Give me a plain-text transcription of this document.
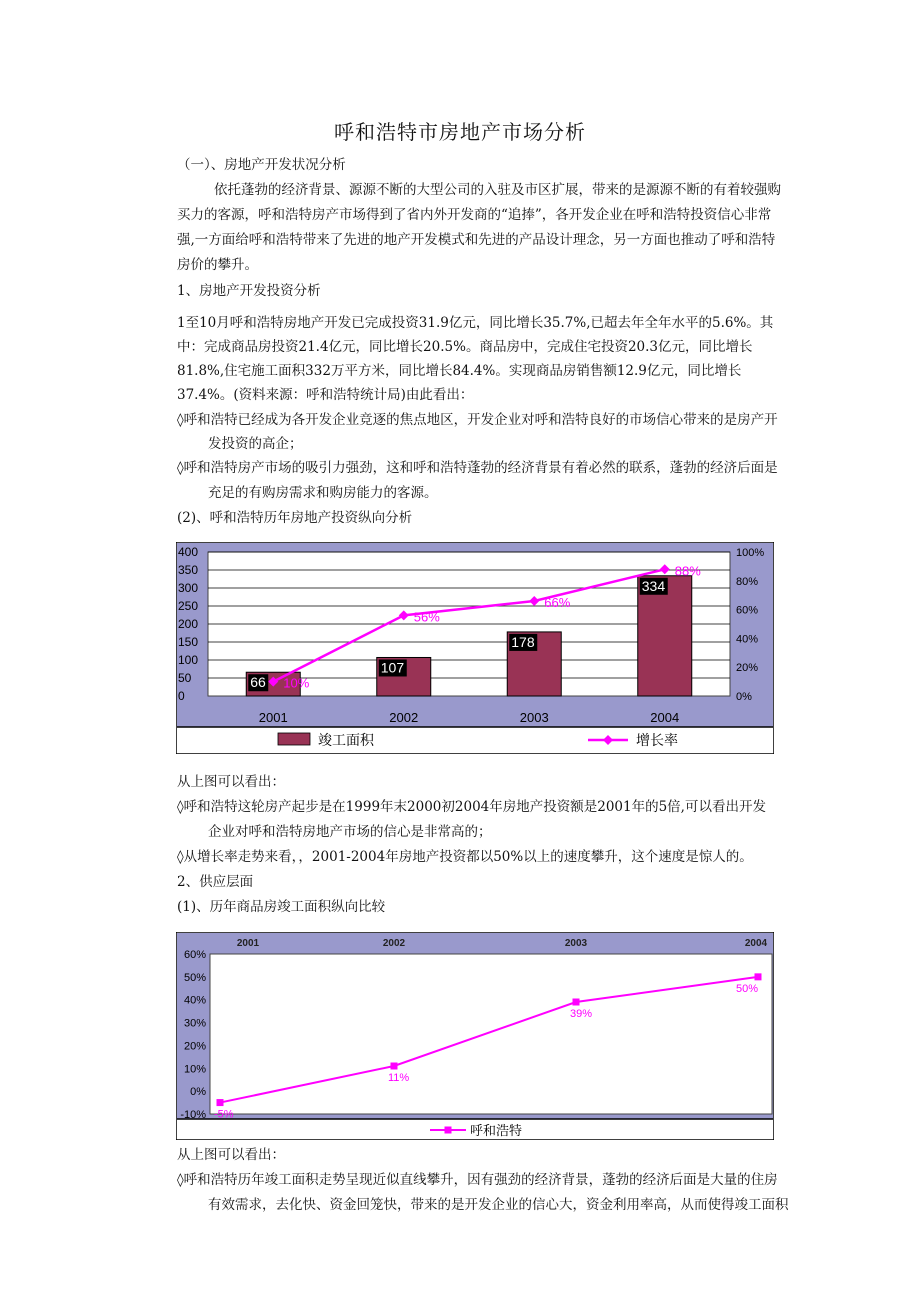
呼和浩特市房地产市场分析
（一）、房地产开发状况分析
依托蓬勃的经济背景、源源不断的大型公司的入驻及市区扩展，带来的是源源不断的有着较强购
买力的客源，呼和浩特房产市场得到了省内外开发商的“追捧”，各开发企业在呼和浩特投资信心非常
强,一方面给呼和浩特带来了先进的地产开发模式和先进的产品设计理念，另一方面也推动了呼和浩特
房价的攀升。
1、房地产开发投资分析
1至10月呼和浩特房地产开发已完成投资31.9亿元，同比增长35.7%,已超去年全年水平的5.6%。其
中：完成商品房投资21.4亿元，同比增长20.5%。商品房中，完成住宅投资20.3亿元，同比增长
81.8%,住宅施工面积332万平方米，同比增长84.4%。实现商品房销售额12.9亿元，同比增长
37.4%。(资料来源：呼和浩特统计局)由此看出：
◊呼和浩特已经成为各开发企业竞逐的焦点地区，开发企业对呼和浩特良好的市场信心带来的是房产开
发投资的高企；
◊呼和浩特房产市场的吸引力强劲，这和呼和浩特蓬勃的经济背景有着必然的联系，蓬勃的经济后面是
充足的有购房需求和购房能力的客源。
(2)、呼和浩特历年房地产投资纵向分析
400
350
300
250
200
150
100
50
0
100%
80%
60%
40%
20%
0%
2001	2002	2003	2004
66
107
178
334
10%
56%
66%
88%
竣工面积	增长率
从上图可以看出：
◊呼和浩特这轮房产起步是在1999年末2000初2004年房地产投资额是2001年的5倍,可以看出开发
企业对呼和浩特房地产市场的信心是非常高的；
◊从增长率走势来看，，2001-2004年房地产投资都以50%以上的速度攀升，这个速度是惊人的。
2、供应层面
(1)、历年商品房竣工面积纵向比较
60%
50%
40%
30%
20%
10%
0%
-10%
2001	2002	2003	2004
-5%
11%
39%
50%
呼和浩特
从上图可以看出：
◊呼和浩特历年竣工面积走势呈现近似直线攀升，因有强劲的经济背景，蓬勃的经济后面是大量的住房
有效需求，去化快、资金回笼快，带来的是开发企业的信心大，资金利用率高，从而使得竣工面积
